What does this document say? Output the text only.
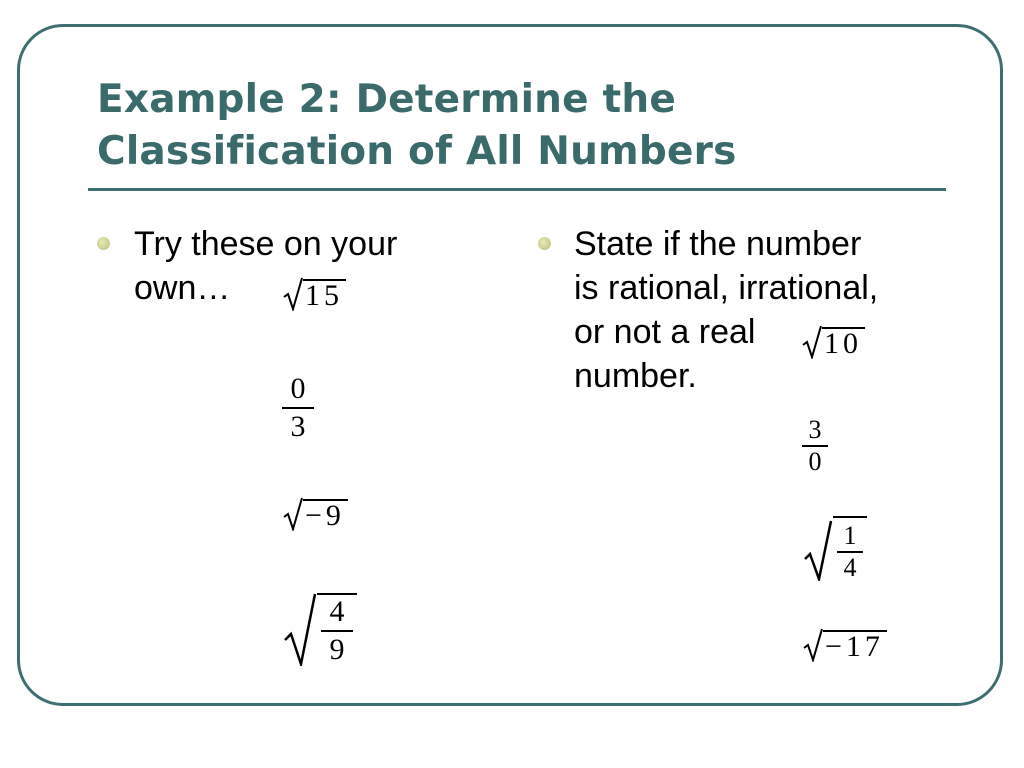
Example 2: Determine the
Classification of All Numbers
Try these on your
own…	15
$\frac{0}{3}$
−9
$\frac{4}{9}$
State if the number
is rational, irrational,
or not a real
number.
10
$\frac{3}{0}$
$\frac{1}{4}$
−17
